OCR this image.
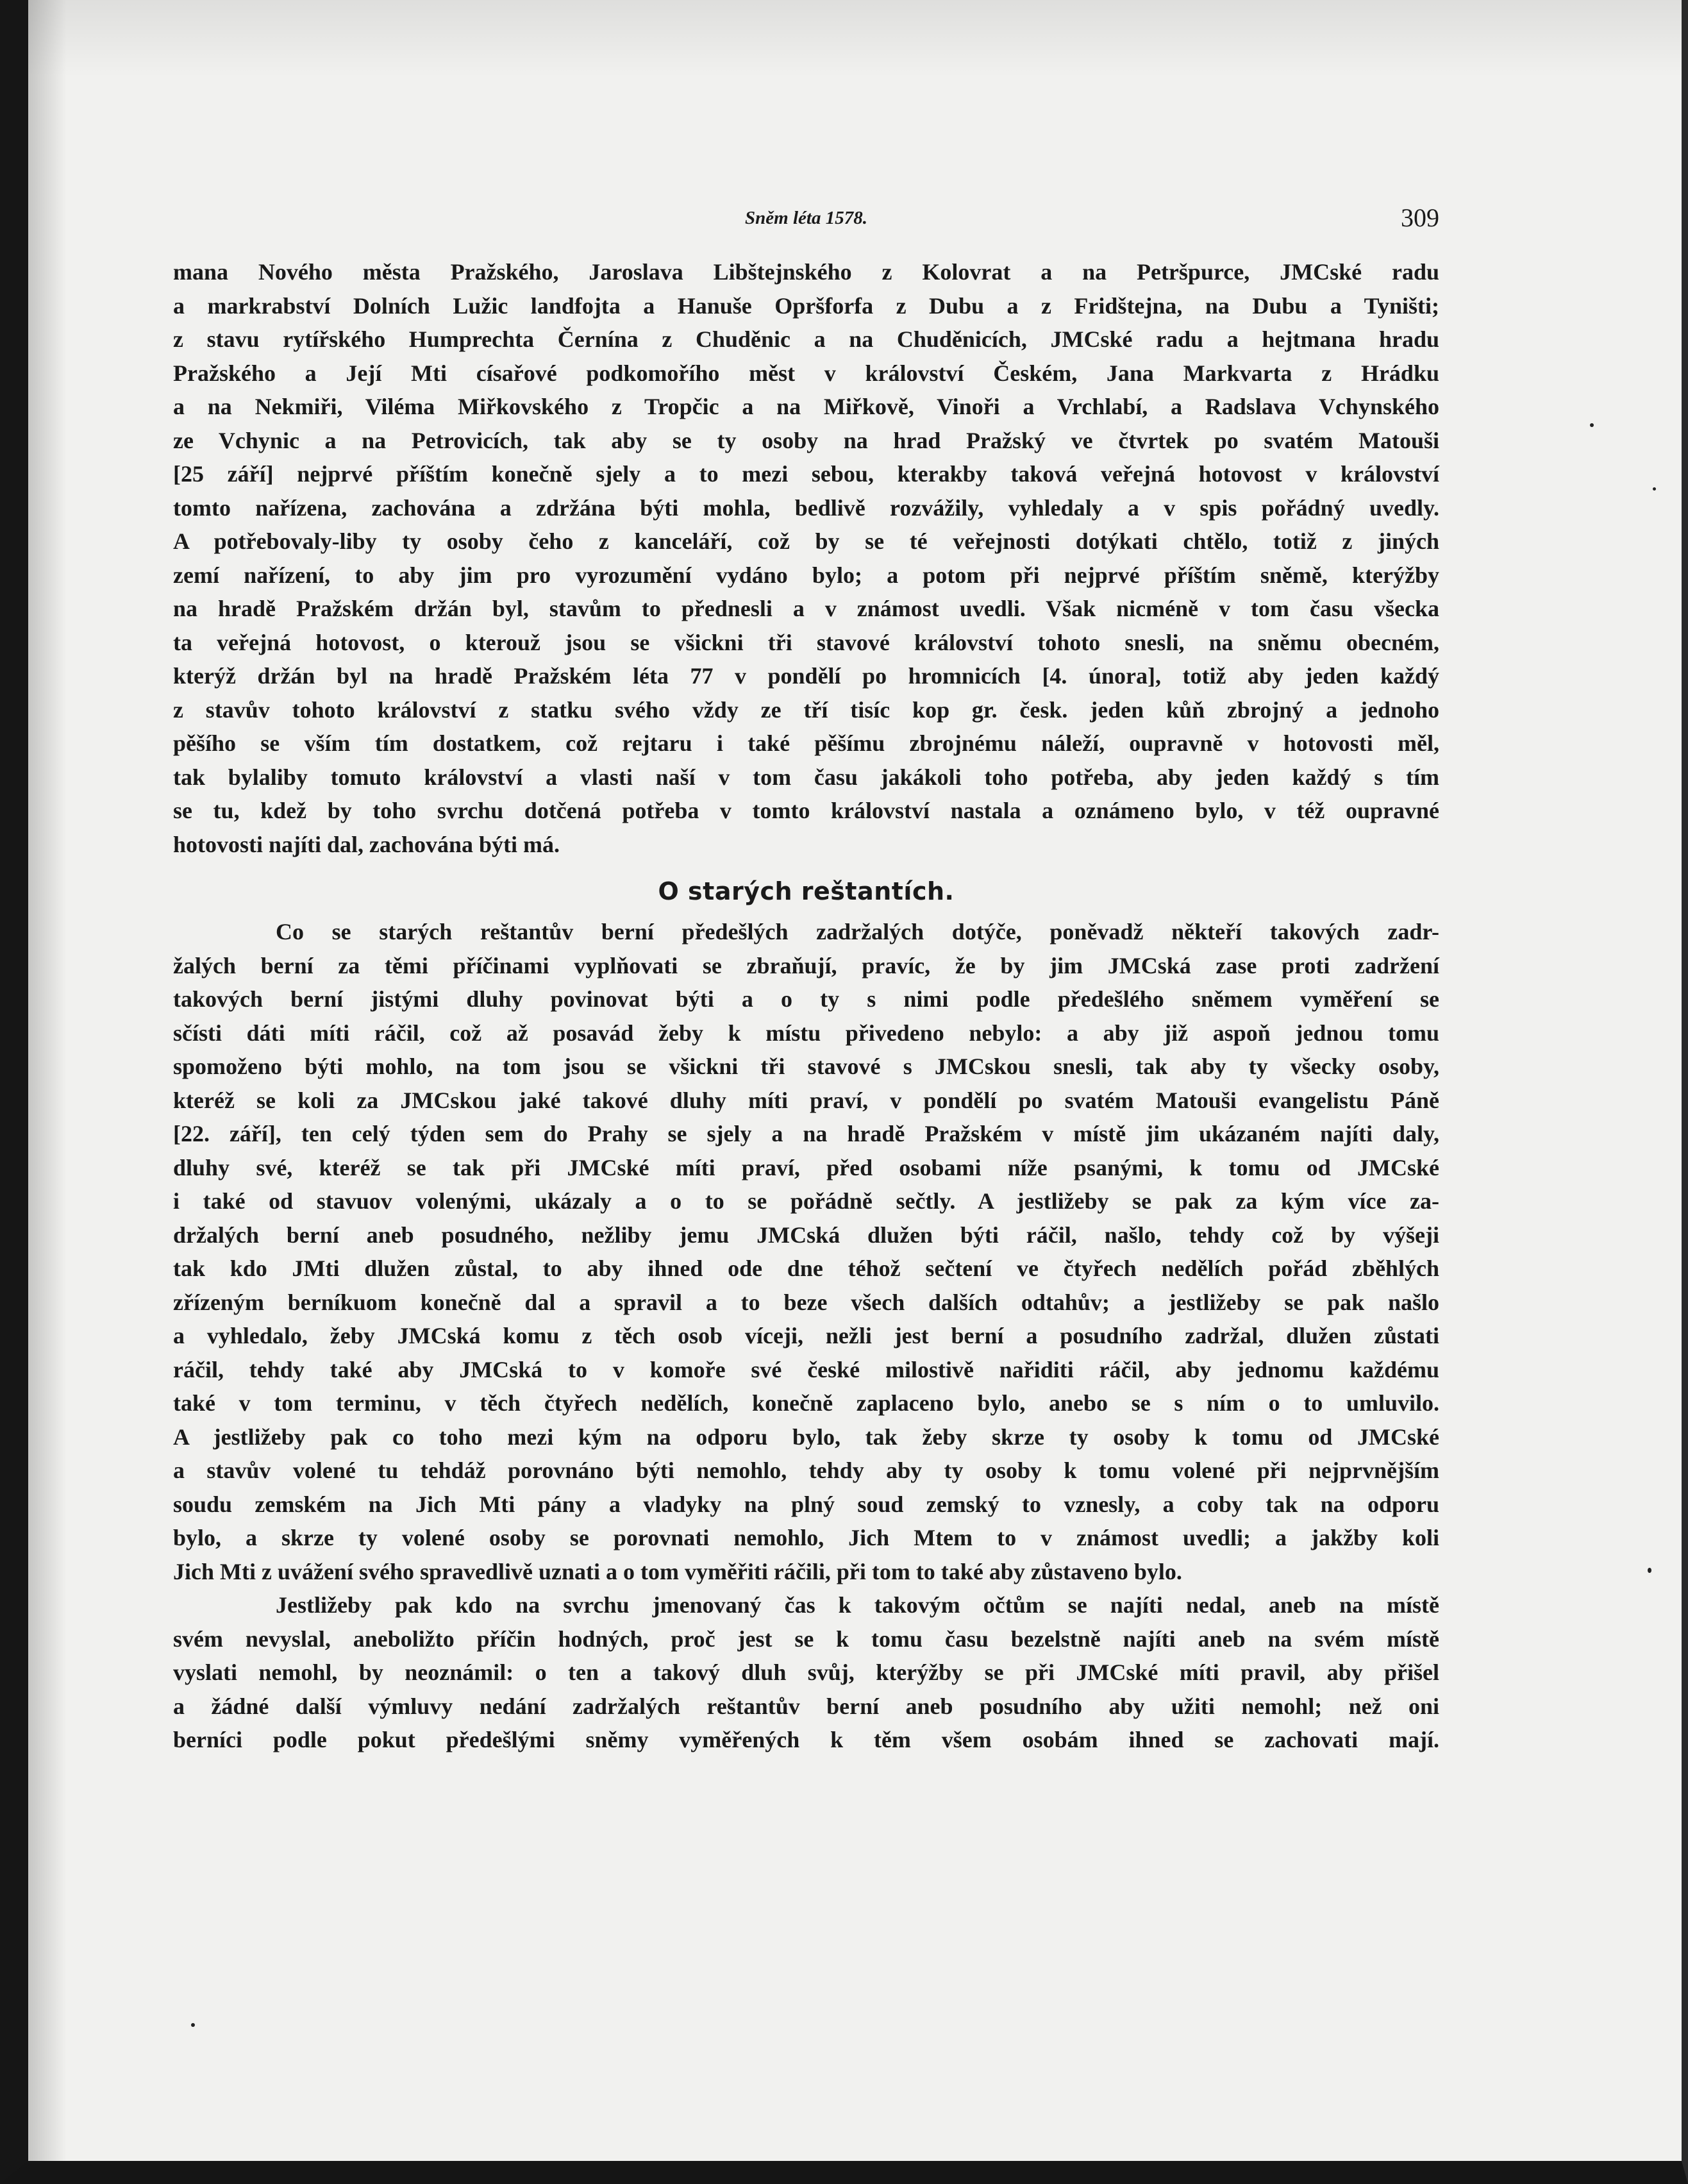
Sněm léta 1578.	309
mana Nového města Pražského, Jaroslava Libštejnského z Kolovrat a na Petršpurce, JMCské radu
a markrabství Dolních Lužic landfojta a Hanuše Opršforfa z Dubu a z Fridštejna, na Dubu a Tyništi;
z stavu rytířského Humprechta Černína z Chuděnic a na Chuděnicích, JMCské radu a hejtmana hradu
Pražského a Její Mti císařové podkomořího měst v království Českém, Jana Markvarta z Hrádku
a na Nekmiři, Viléma Miřkovského z Tropčic a na Miřkově, Vinoři a Vrchlabí, a Radslava Vchynského
ze Vchynic a na Petrovicích, tak aby se ty osoby na hrad Pražský ve čtvrtek po svatém Matouši
[25 září] nejprvé příštím konečně sjely a to mezi sebou, kterakby taková veřejná hotovost v království
tomto nařízena, zachována a zdržána býti mohla, bedlivě rozvážily, vyhledaly a v spis pořádný uvedly.
A potřebovaly-liby ty osoby čeho z kanceláří, což by se té veřejnosti dotýkati chtělo, totiž z jiných
zemí nařízení, to aby jim pro vyrozumění vydáno bylo; a potom při nejprvé příštím sněmě, kterýžby
na hradě Pražském držán byl, stavům to přednesli a v známost uvedli. Však nicméně v tom času všecka
ta veřejná hotovost, o kterouž jsou se všickni tři stavové království tohoto snesli, na sněmu obecném,
kterýž držán byl na hradě Pražském léta 77 v pondělí po hromnicích [4. února], totiž aby jeden každý
z stavův tohoto království z statku svého vždy ze tří tisíc kop gr. česk. jeden kůň zbrojný a jednoho
pěšího se vším tím dostatkem, což rejtaru i také pěšímu zbrojnému náleží, oupravně v hotovosti měl,
tak bylaliby tomuto království a vlasti naší v tom času jakákoli toho potřeba, aby jeden každý s tím
se tu, kdež by toho svrchu dotčená potřeba v tomto království nastala a oznámeno bylo, v též oupravné
hotovosti najíti dal, zachována býti má.
O starých reštantích.
Co se starých reštantův berní předešlých zadržalých dotýče, poněvadž někteří takových zadr-
žalých berní za těmi příčinami vyplňovati se zbraňují, pravíc, že by jim JMCská zase proti zadržení
takových berní jistými dluhy povinovat býti a o ty s nimi podle předešlého sněmem vyměření se
sčísti dáti míti ráčil, což až posavád žeby k místu přivedeno nebylo: a aby již aspoň jednou tomu
spomoženo býti mohlo, na tom jsou se všickni tři stavové s JMCskou snesli, tak aby ty všecky osoby,
kteréž se koli za JMCskou jaké takové dluhy míti praví, v pondělí po svatém Matouši evangelistu Páně
[22. září], ten celý týden sem do Prahy se sjely a na hradě Pražském v místě jim ukázaném najíti daly,
dluhy své, kteréž se tak při JMCské míti praví, před osobami níže psanými, k tomu od JMCské
i také od stavuov volenými, ukázaly a o to se pořádně sečtly. A jestližeby se pak za kým více za-
držalých berní aneb posudného, nežliby jemu JMCská dlužen býti ráčil, našlo, tehdy což by výšeji
tak kdo JMti dlužen zůstal, to aby ihned ode dne téhož sečtení ve čtyřech nedělích pořád zběhlých
zřízeným berníkuom konečně dal a spravil a to beze všech dalších odtahův; a jestližeby se pak našlo
a vyhledalo, žeby JMCská komu z těch osob víceji, nežli jest berní a posudního zadržal, dlužen zůstati
ráčil, tehdy také aby JMCská to v komoře své české milostivě nařiditi ráčil, aby jednomu každému
také v tom terminu, v těch čtyřech nedělích, konečně zaplaceno bylo, anebo se s ním o to umluvilo.
A jestližeby pak co toho mezi kým na odporu bylo, tak žeby skrze ty osoby k tomu od JMCské
a stavův volené tu tehdáž porovnáno býti nemohlo, tehdy aby ty osoby k tomu volené při nejprvnějším
soudu zemském na Jich Mti pány a vladyky na plný soud zemský to vznesly, a coby tak na odporu
bylo, a skrze ty volené osoby se porovnati nemohlo, Jich Mtem to v známost uvedli; a jakžby koli
Jich Mti z uvážení svého spravedlivě uznati a o tom vyměřiti ráčili, při tom to také aby zůstaveno bylo.
Jestližeby pak kdo na svrchu jmenovaný čas k takovým očtům se najíti nedal, aneb na místě
svém nevyslal, aneboližto příčin hodných, proč jest se k tomu času bezelstně najíti aneb na svém místě
vyslati nemohl, by neoznámil: o ten a takový dluh svůj, kterýžby se při JMCské míti pravil, aby přišel
a žádné další výmluvy nedání zadržalých reštantův berní aneb posudního aby užiti nemohl; než oni
berníci podle pokut předešlými sněmy vyměřených k těm všem osobám ihned se zachovati mají.
